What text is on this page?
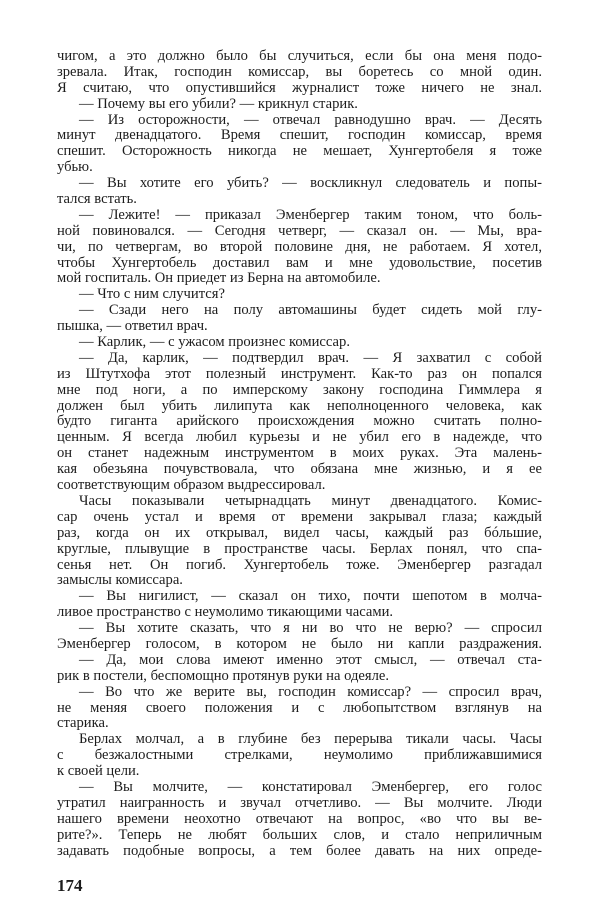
чигом, а это должно было бы случиться, если бы она меня подо-
зревала. Итак, господин комиссар, вы боретесь со мной один.
Я считаю, что опустившийся журналист тоже ничего не знал.
— Почему вы его убили? — крикнул старик.
— Из осторожности, — отвечал равнодушно врач. — Десять
минут двенадцатого. Время спешит, господин комиссар, время
спешит. Осторожность никогда не мешает, Хунгертобеля я тоже
убью.
— Вы хотите его убить? — воскликнул следователь и попы-
тался встать.
— Лежите! — приказал Эменбергер таким тоном, что боль-
ной повиновался. — Сегодня четверг, — сказал он. — Мы, вра-
чи, по четвергам, во второй половине дня, не работаем. Я хотел,
чтобы Хунгертобель доставил вам и мне удовольствие, посетив
мой госпиталь. Он приедет из Берна на автомобиле.
— Что с ним случится?
— Сзади него на полу автомашины будет сидеть мой глу-
пышка, — ответил врач.
— Карлик, — с ужасом произнес комиссар.
— Да, карлик, — подтвердил врач. — Я захватил с собой
из Штутхофа этот полезный инструмент. Как-то раз он попался
мне под ноги, а по имперскому закону господина Гиммлера я
должен был убить лилипута как неполноценного человека, как
будто гиганта арийского происхождения можно считать полно-
ценным. Я всегда любил курьезы и не убил его в надежде, что
он станет надежным инструментом в моих руках. Эта малень-
кая обезьяна почувствовала, что обязана мне жизнью, и я ее
соответствующим образом выдрессировал.
Часы показывали четырнадцать минут двенадцатого. Комис-
сар очень устал и время от времени закрывал глаза; каждый
раз, когда он их открывал, видел часы, каждый раз бóльшие,
круглые, плывущие в пространстве часы. Берлах понял, что спа-
сенья нет. Он погиб. Хунгертобель тоже. Эменбергер разгадал
замыслы комиссара.
— Вы нигилист, — сказал он тихо, почти шепотом в молча-
ливое пространство с неумолимо тикающими часами.
— Вы хотите сказать, что я ни во что не верю? — спросил
Эменбергер голосом, в котором не было ни капли раздражения.
— Да, мои слова имеют именно этот смысл, — отвечал ста-
рик в постели, беспомощно протянув руки на одеяле.
— Во что же верите вы, господин комиссар? — спросил врач,
не меняя своего положения и с любопытством взглянув на
старика.
Берлах молчал, а в глубине без перерыва тикали часы. Часы
с безжалостными стрелками, неумолимо приближавшимися
к своей цели.
— Вы молчите, — констатировал Эменбергер, его голос
утратил наигранность и звучал отчетливо. — Вы молчите. Люди
нашего времени неохотно отвечают на вопрос, «во что вы ве-
рите?». Теперь не любят больших слов, и стало неприличным
задавать подобные вопросы, а тем более давать на них опреде-
174
